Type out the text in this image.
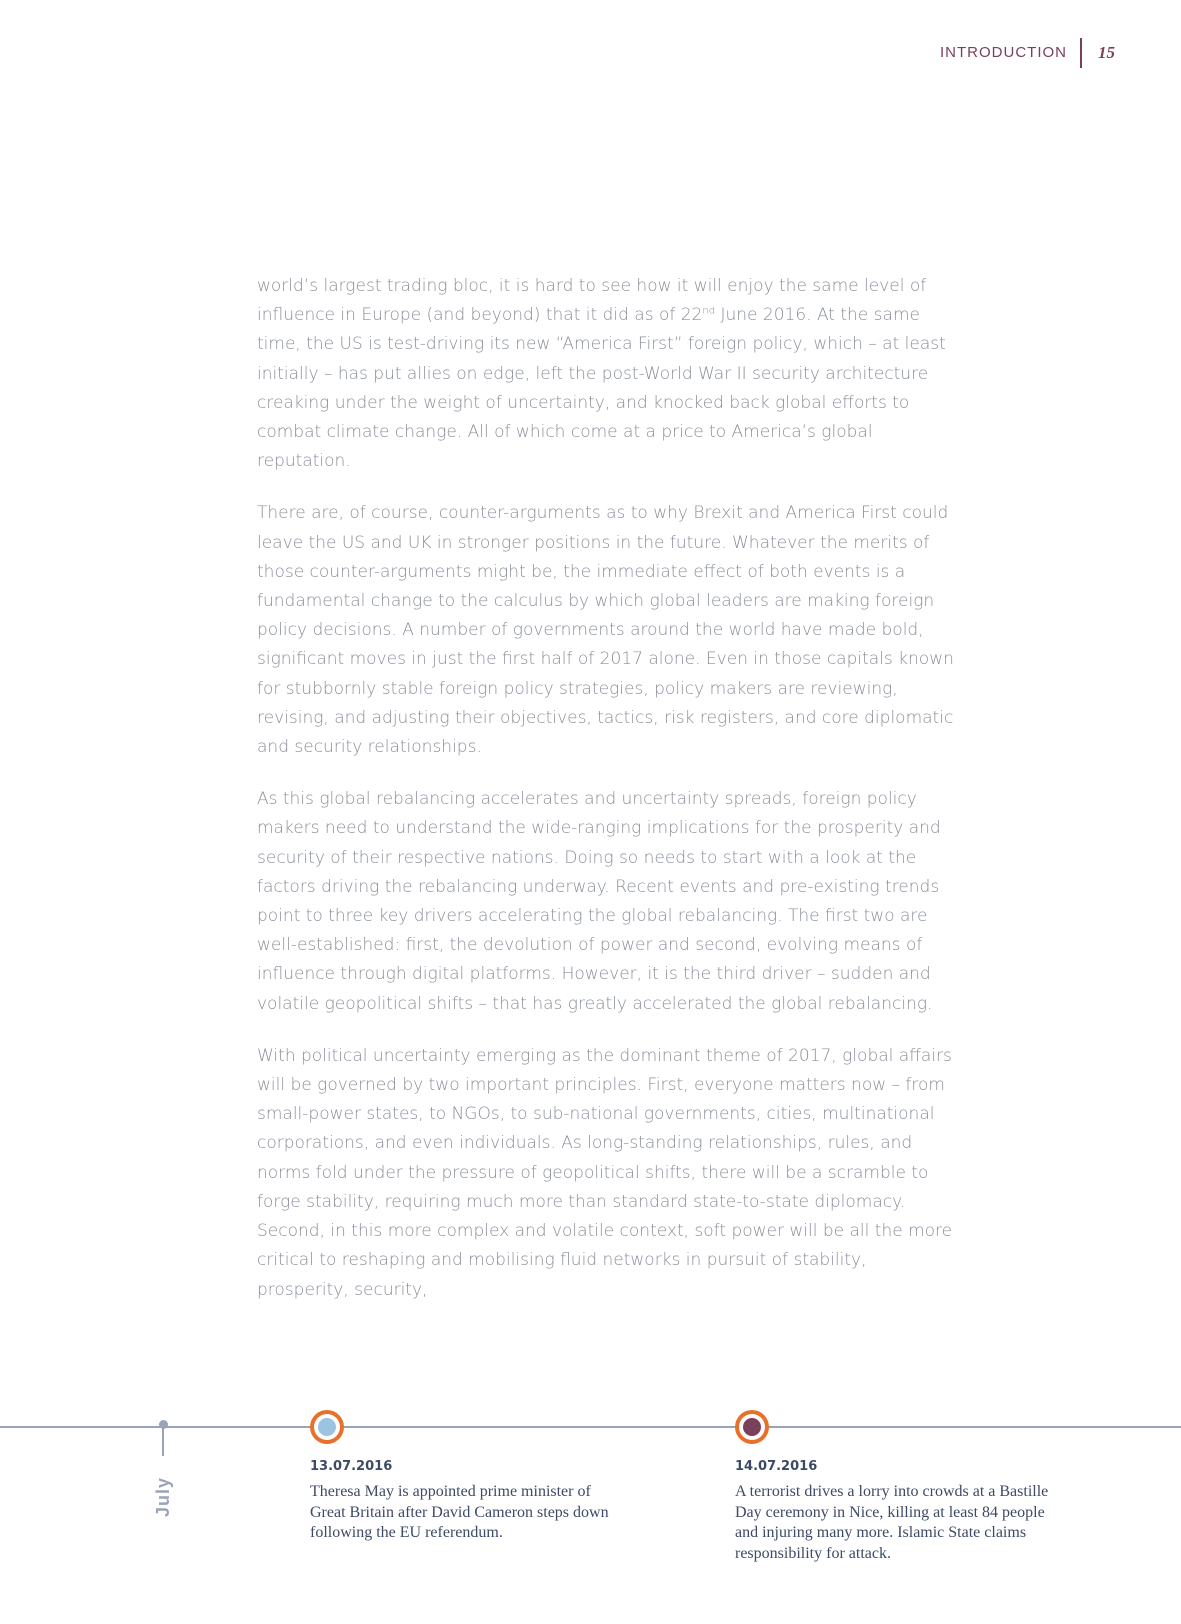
INTRODUCTION 15

world’s largest trading bloc, it is hard to see how it will enjoy the same level of influence in Europe (and beyond) that it did as of 22nd June 2016. At the same time, the US is test-driving its new “America First” foreign policy, which – at least initially – has put allies on edge, left the post-World War II security architecture creaking under the weight of uncertainty, and knocked back global efforts to combat climate change. All of which come at a price to America’s global reputation.

There are, of course, counter-arguments as to why Brexit and America First could leave the US and UK in stronger positions in the future. Whatever the merits of those counter-arguments might be, the immediate effect of both events is a fundamental change to the calculus by which global leaders are making foreign policy decisions. A number of governments around the world have made bold, significant moves in just the first half of 2017 alone. Even in those capitals known for stubbornly stable foreign policy strategies, policy makers are reviewing, revising, and adjusting their objectives, tactics, risk registers, and core diplomatic and security relationships.

As this global rebalancing accelerates and uncertainty spreads, foreign policy makers need to understand the wide-ranging implications for the prosperity and security of their respective nations. Doing so needs to start with a look at the factors driving the rebalancing underway. Recent events and pre-existing trends point to three key drivers accelerating the global rebalancing. The first two are well-established: first, the devolution of power and second, evolving means of influence through digital platforms. However, it is the third driver – sudden and volatile geopolitical shifts – that has greatly accelerated the global rebalancing.

With political uncertainty emerging as the dominant theme of 2017, global affairs will be governed by two important principles. First, everyone matters now – from small-power states, to NGOs, to sub-national governments, cities, multinational corporations, and even individuals. As long-standing relationships, rules, and norms fold under the pressure of geopolitical shifts, there will be a scramble to forge stability, requiring much more than standard state-to-state diplomacy. Second, in this more complex and volatile context, soft power will be all the more critical to reshaping and mobilising fluid networks in pursuit of stability, prosperity, security,

July
13.07.2016
Theresa May is appointed prime minister of Great Britain after David Cameron steps down following the EU referendum.
14.07.2016
A terrorist drives a lorry into crowds at a Bastille Day ceremony in Nice, killing at least 84 people and injuring many more. Islamic State claims responsibility for attack.
